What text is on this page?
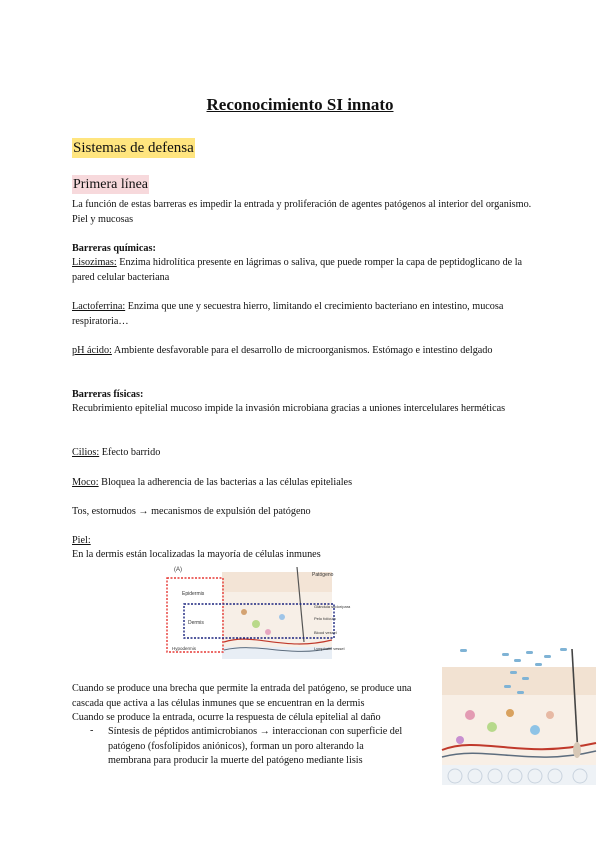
Reconocimiento SI innato
Sistemas de defensa
Primera línea
La función de estas barreras es impedir la entrada y proliferación de agentes patógenos al interior del organismo. Piel y mucosas
Barreras químicas:
Lisozimas: Enzima hidrolítica presente en lágrimas o saliva, que puede romper la capa de peptidoglicano de la pared celular bacteriana
Lactoferrina: Enzima que une y secuestra hierro, limitando el crecimiento bacteriano en intestino, mucosa respiratoria…
pH ácido: Ambiente desfavorable para el desarrollo de microorganismos. Estómago e intestino delgado
Barreras físicas:
Recubrimiento epitelial mucoso impide la invasión microbiana gracias a uniones intercelulares herméticas
Cilios: Efecto barrido
Moco: Bloquea la adherencia de las bacterias a las células epiteliales
Tos, estornudos → mecanismos de expulsión del patógeno
Piel:
En la dermis están localizadas la mayoría de células inmunes
(A)
Patógeno
Epidermis
Dermis
Hypodermis
Glándula sudorípara
Pelo folículo
Blood vessel
Lymphatic vessel
Cuando se produce una brecha que permite la entrada del patógeno, se produce una cascada que activa a las células inmunes que se encuentran en la dermis
Cuando se produce la entrada, ocurre la respuesta de célula epitelial al daño
- Síntesis de péptidos antimicrobianos → interaccionan con superficie del patógeno (fosfolípidos aniónicos), forman un poro alterando la membrana para producir la muerte del patógeno mediante lisis
